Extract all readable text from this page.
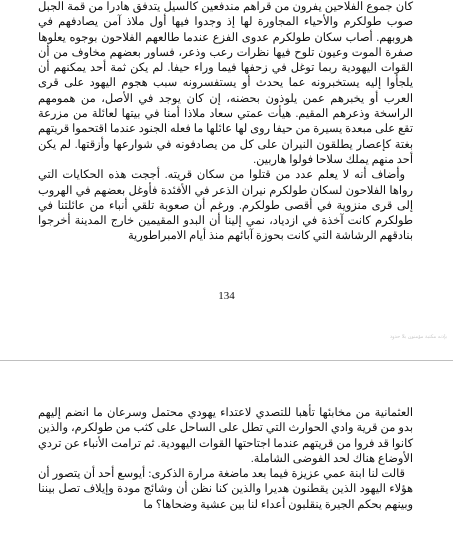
كان جموع الفلاحين يفرون من قراهم مندفعين كالسيل يتدفق هادرا من قمة الجبل صوب طولكرم والأحياء المجاورة لها إذ وجدوا فيها أول ملاذ آمن يصادفهم في هروبهم. أصاب سكان طولكرم عدوى الفزع عندما طالعهم الفلاحون بوجوه يعلوها صفرة الموت وعيون تلوح فيها نظرات رعب وذعر، فساور بعضهم مخاوف من أن القوات اليهودية ربما توغل في زحفها فيما وراء حيفا. لم يكن ثمة أحد يمكنهم أن يلجأوا إليه يستخبرونه عما يحدث أو يستفسرونه سبب هجوم اليهود على قرى العرب أو يخبرهم عمن يلوذون بحضنه، إن كان يوجد في الأصل، من همومهم الراسخة وذعرهم المقيم. هيأت عمتي سعاد ملاذا أمنا في بيتها لعائلة من مزرعة تقع على مبعدة يسيرة من حيفا روى لها عائلها ما فعله الجنود عندما اقتحموا قريتهم بغتة كإعصار يطلقون النيران على كل من يصادفونه في شوارعها وأزقتها. لم يكن أحد منهم يملك سلاحا فولوا هاربين.

وأضاف أنه لا يعلم عدد من قتلوا من سكان قريته. أججت هذه الحكايات التي رواها الفلاحون لسكان طولكرم نيران الذعر في الأفئدة فأوغل بعضهم في الهروب إلى قرى منزوية في أقصى طولكرم. ورغم أن صعوبة تلقي أنباء من عائلتنا في طولكرم كانت آخذة في ازدياد، نمي إلينا أن البدو المقيمين خارج المدينة أخرجوا بنادقهم الرشاشة التي كانت بحوزة آبائهم منذ أيام الامبراطورية

134
بإذنه مكتبة مؤمنون بلا حدود

العثمانية من مخابئها تأهبا للتصدي لاعتداء يهودي محتمل وسرعان ما انضم إليهم بدو من قرية وادي الحوارث التي تطل على الساحل على كثب من طولكرم، والذين كانوا قد فروا من قريتهم عندما اجتاحتها القوات اليهودية. ثم ترامت الأنباء عن تردي الأوضاع هناك لحد الفوضى الشاملة.

قالت لنا ابنة عمي عزيزة فيما بعد ماضغة مرارة الذكرى: أيوسع أحد أن يتصور أن هؤلاء اليهود الذين يقطنون هديرا والذين كنا نظن أن وشائج مودة وإيلاف تصل بيننا وبينهم بحكم الجيرة ينقلبون أعداء لنا بين عشية وضحاها؟ ما
